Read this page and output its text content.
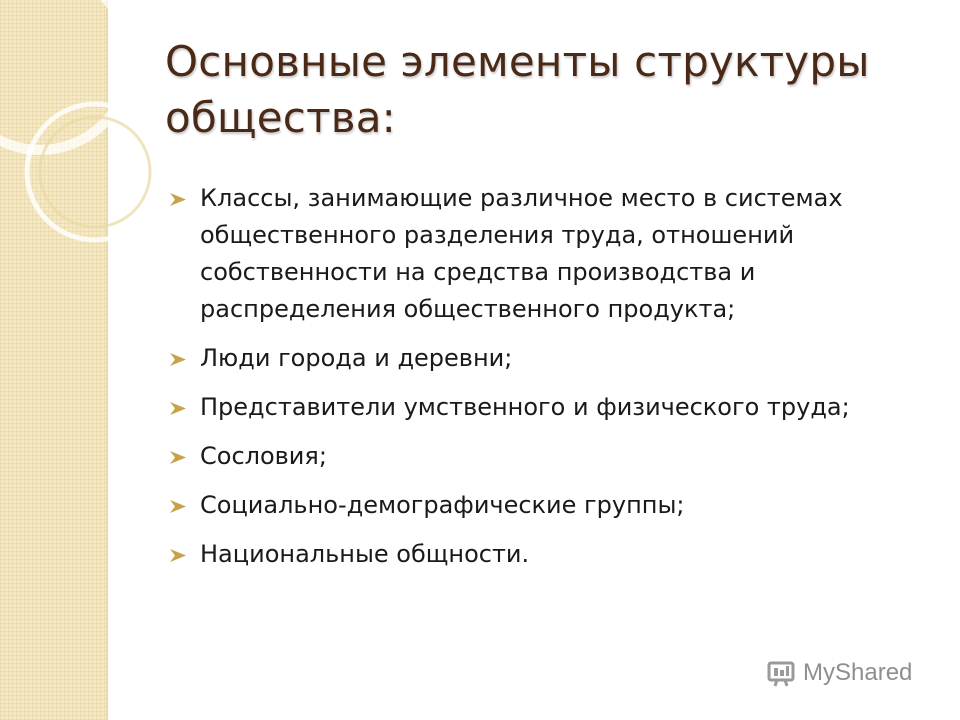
Основные элементы структуры
общества:
Классы, занимающие различное место в системах общественного разделения труда, отношений собственности на средства производства и распределения общественного продукта;
Люди города и деревни;
Представители умственного и физического труда;
Сословия;
Социально-демографические группы;
Национальные общности.
MyShared
